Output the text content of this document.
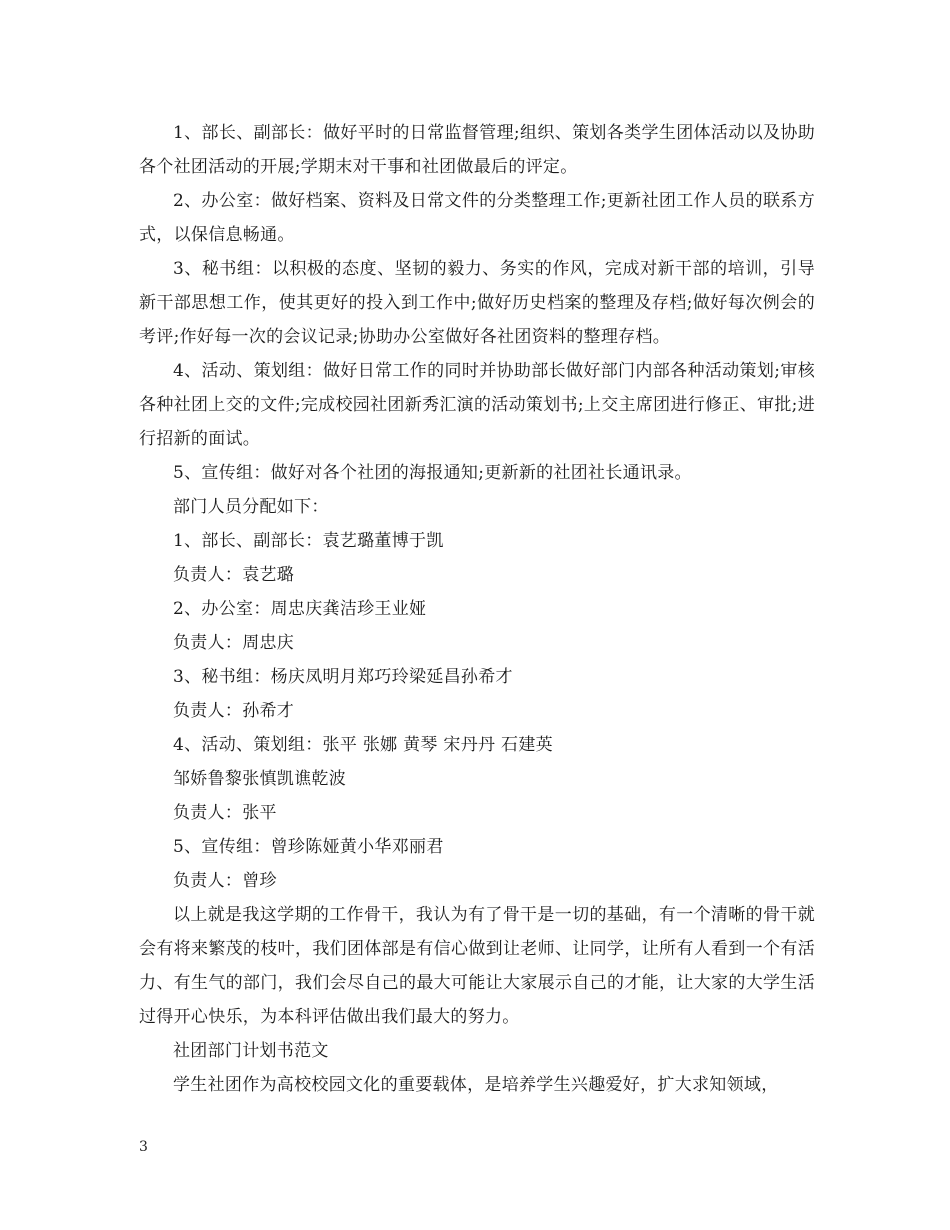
1、部长、副部长：做好平时的日常监督管理;组织、策划各类学生团体活动以及协助各个社团活动的开展;学期末对干事和社团做最后的评定。

2、办公室：做好档案、资料及日常文件的分类整理工作;更新社团工作人员的联系方式，以保信息畅通。

3、秘书组：以积极的态度、坚韧的毅力、务实的作风，完成对新干部的培训，引导新干部思想工作，使其更好的投入到工作中;做好历史档案的整理及存档;做好每次例会的考评;作好每一次的会议记录;协助办公室做好各社团资料的整理存档。

4、活动、策划组：做好日常工作的同时并协助部长做好部门内部各种活动策划;审核各种社团上交的文件;完成校园社团新秀汇演的活动策划书;上交主席团进行修正、审批;进行招新的面试。

5、宣传组：做好对各个社团的海报通知;更新新的社团社长通讯录。

部门人员分配如下：

1、部长、副部长：袁艺璐董博于凯

负责人：袁艺璐

2、办公室：周忠庆龚洁珍王业娅

负责人：周忠庆

3、秘书组：杨庆凤明月郑巧玲梁延昌孙希才

负责人：孙希才

4、活动、策划组：张平 张娜 黄琴 宋丹丹 石建英

邹娇鲁黎张慎凯谯乾波

负责人：张平

5、宣传组：曾珍陈娅黄小华邓丽君

负责人：曾珍

以上就是我这学期的工作骨干，我认为有了骨干是一切的基础，有一个清晰的骨干就会有将来繁茂的枝叶，我们团体部是有信心做到让老师、让同学，让所有人看到一个有活力、有生气的部门，我们会尽自己的最大可能让大家展示自己的才能，让大家的大学生活过得开心快乐，为本科评估做出我们最大的努力。

社团部门计划书范文

学生社团作为高校校园文化的重要载体，是培养学生兴趣爱好，扩大求知领域，

3
